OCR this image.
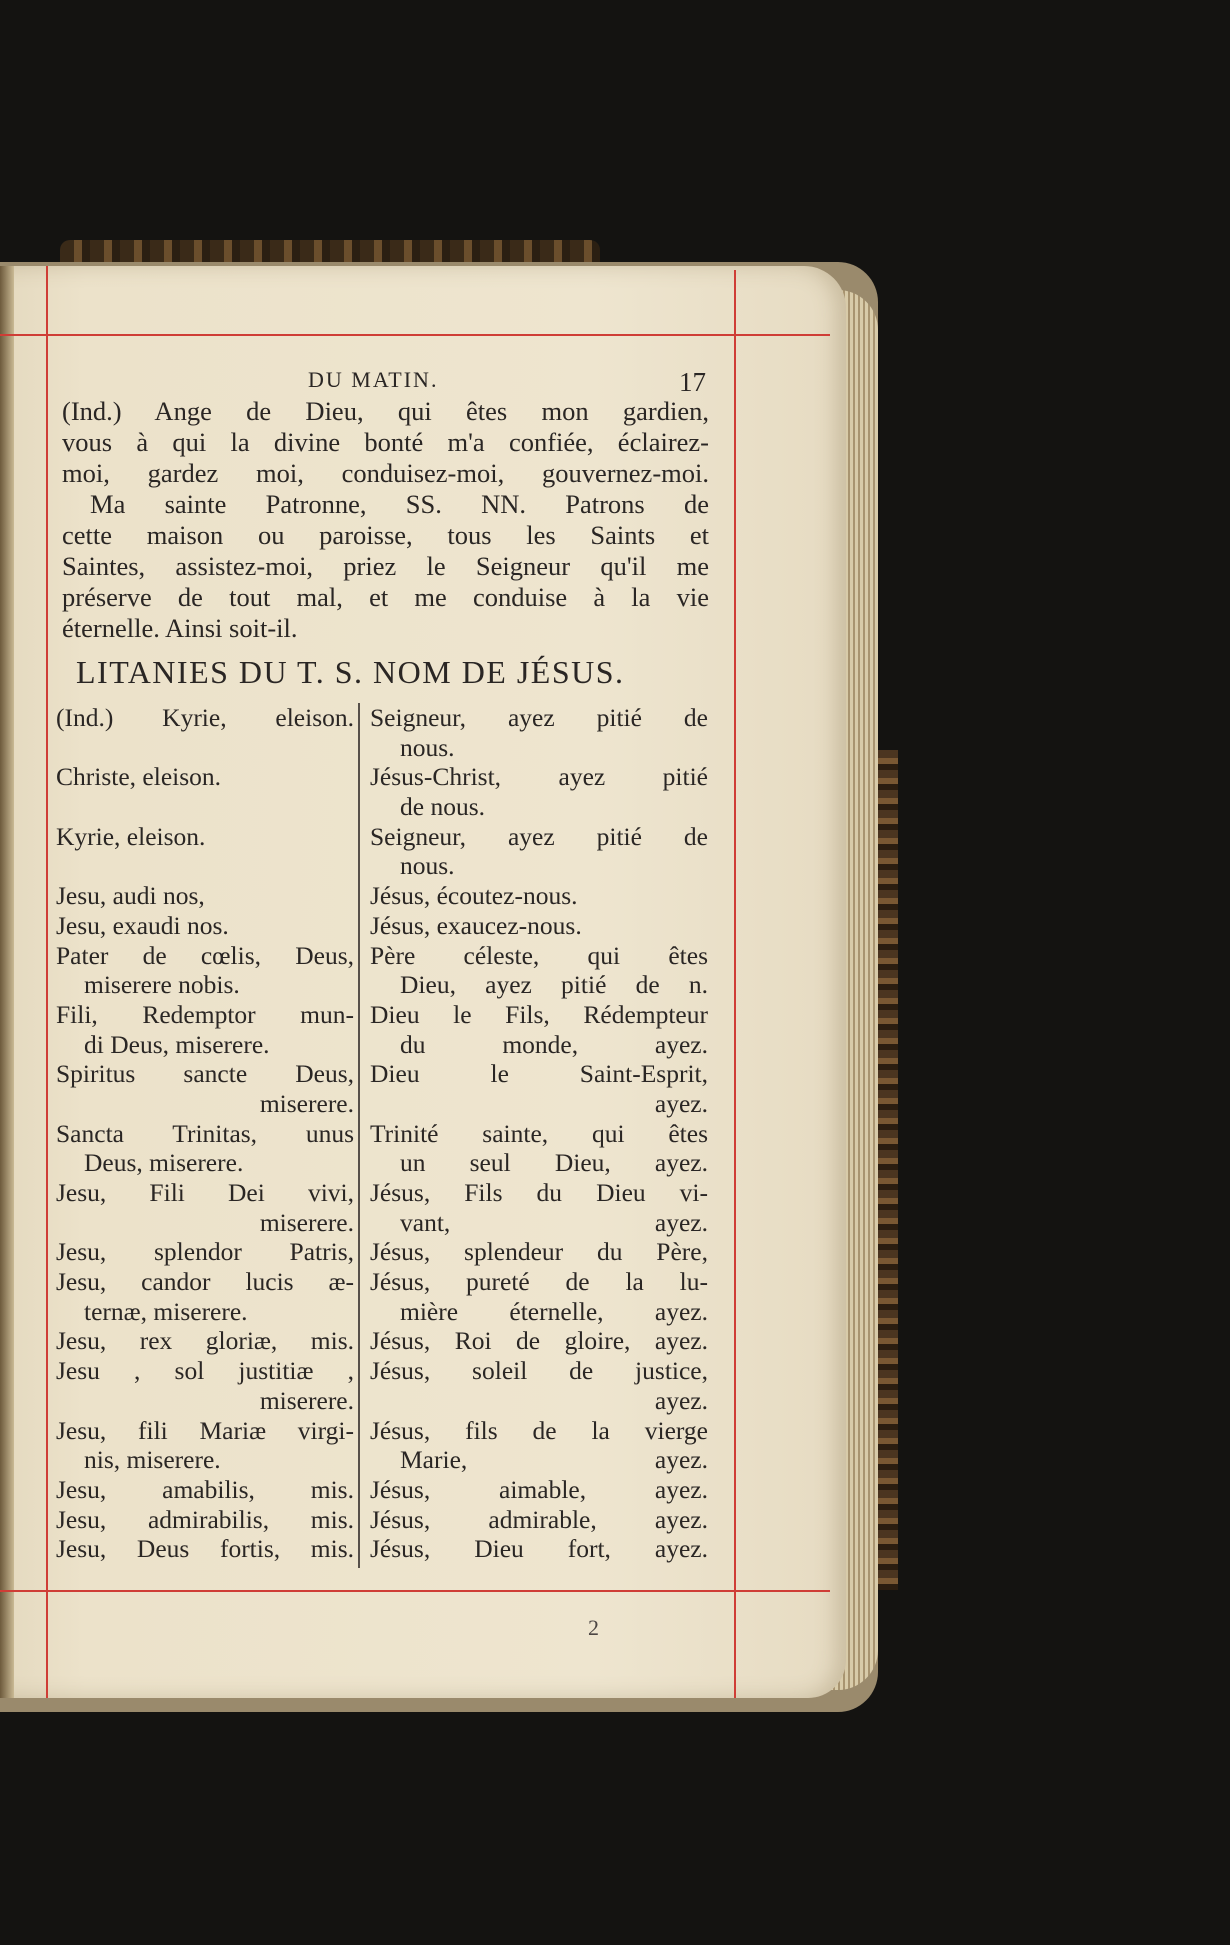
DU MATIN.	17
(Ind.) Ange de Dieu, qui êtes mon gardien,
vous à qui la divine bonté m'a confiée, éclairez-
moi, gardez moi, conduisez-moi, gouvernez-moi.
Ma sainte Patronne, SS. NN. Patrons de
cette maison ou paroisse, tous les Saints et
Saintes, assistez-moi, priez le Seigneur qu'il me
préserve de tout mal, et me conduise à la vie
éternelle. Ainsi soit-il.
LITANIES DU T. S. NOM DE JÉSUS.
(Ind.) Kyrie, eleison.
Christe, eleison.
Kyrie, eleison.
Jesu, audi nos,
Jesu, exaudi nos.
Pater de cœlis, Deus,
miserere nobis.
Fili, Redemptor mun-
di Deus, miserere.
Spiritus sancte Deus,
miserere.
Sancta Trinitas, unus
Deus, miserere.
Jesu, Fili Dei vivi,
miserere.
Jesu, splendor Patris,
Jesu, candor lucis æ-
ternæ, miserere.
Jesu, rex gloriæ, mis.
Jesu , sol justitiæ ,
miserere.
Jesu, fili Mariæ virgi-
nis, miserere.
Jesu, amabilis, mis.
Jesu, admirabilis, mis.
Jesu, Deus fortis, mis.
Seigneur, ayez pitié de
nous.
Jésus-Christ, ayez pitié
de nous.
Seigneur, ayez pitié de
nous.
Jésus, écoutez-nous.
Jésus, exaucez-nous.
Père céleste, qui êtes
Dieu, ayez pitié de n.
Dieu le Fils, Rédempteur
du monde, ayez.
Dieu le Saint-Esprit,
ayez.
Trinité sainte, qui êtes
un seul Dieu, ayez.
Jésus, Fils du Dieu vi-
vant, ayez.
Jésus, splendeur du Père,
Jésus, pureté de la lu-
mière éternelle, ayez.
Jésus, Roi de gloire, ayez.
Jésus, soleil de justice,
ayez.
Jésus, fils de la vierge
Marie, ayez.
Jésus, aimable, ayez.
Jésus, admirable, ayez.
Jésus, Dieu fort, ayez.
2
